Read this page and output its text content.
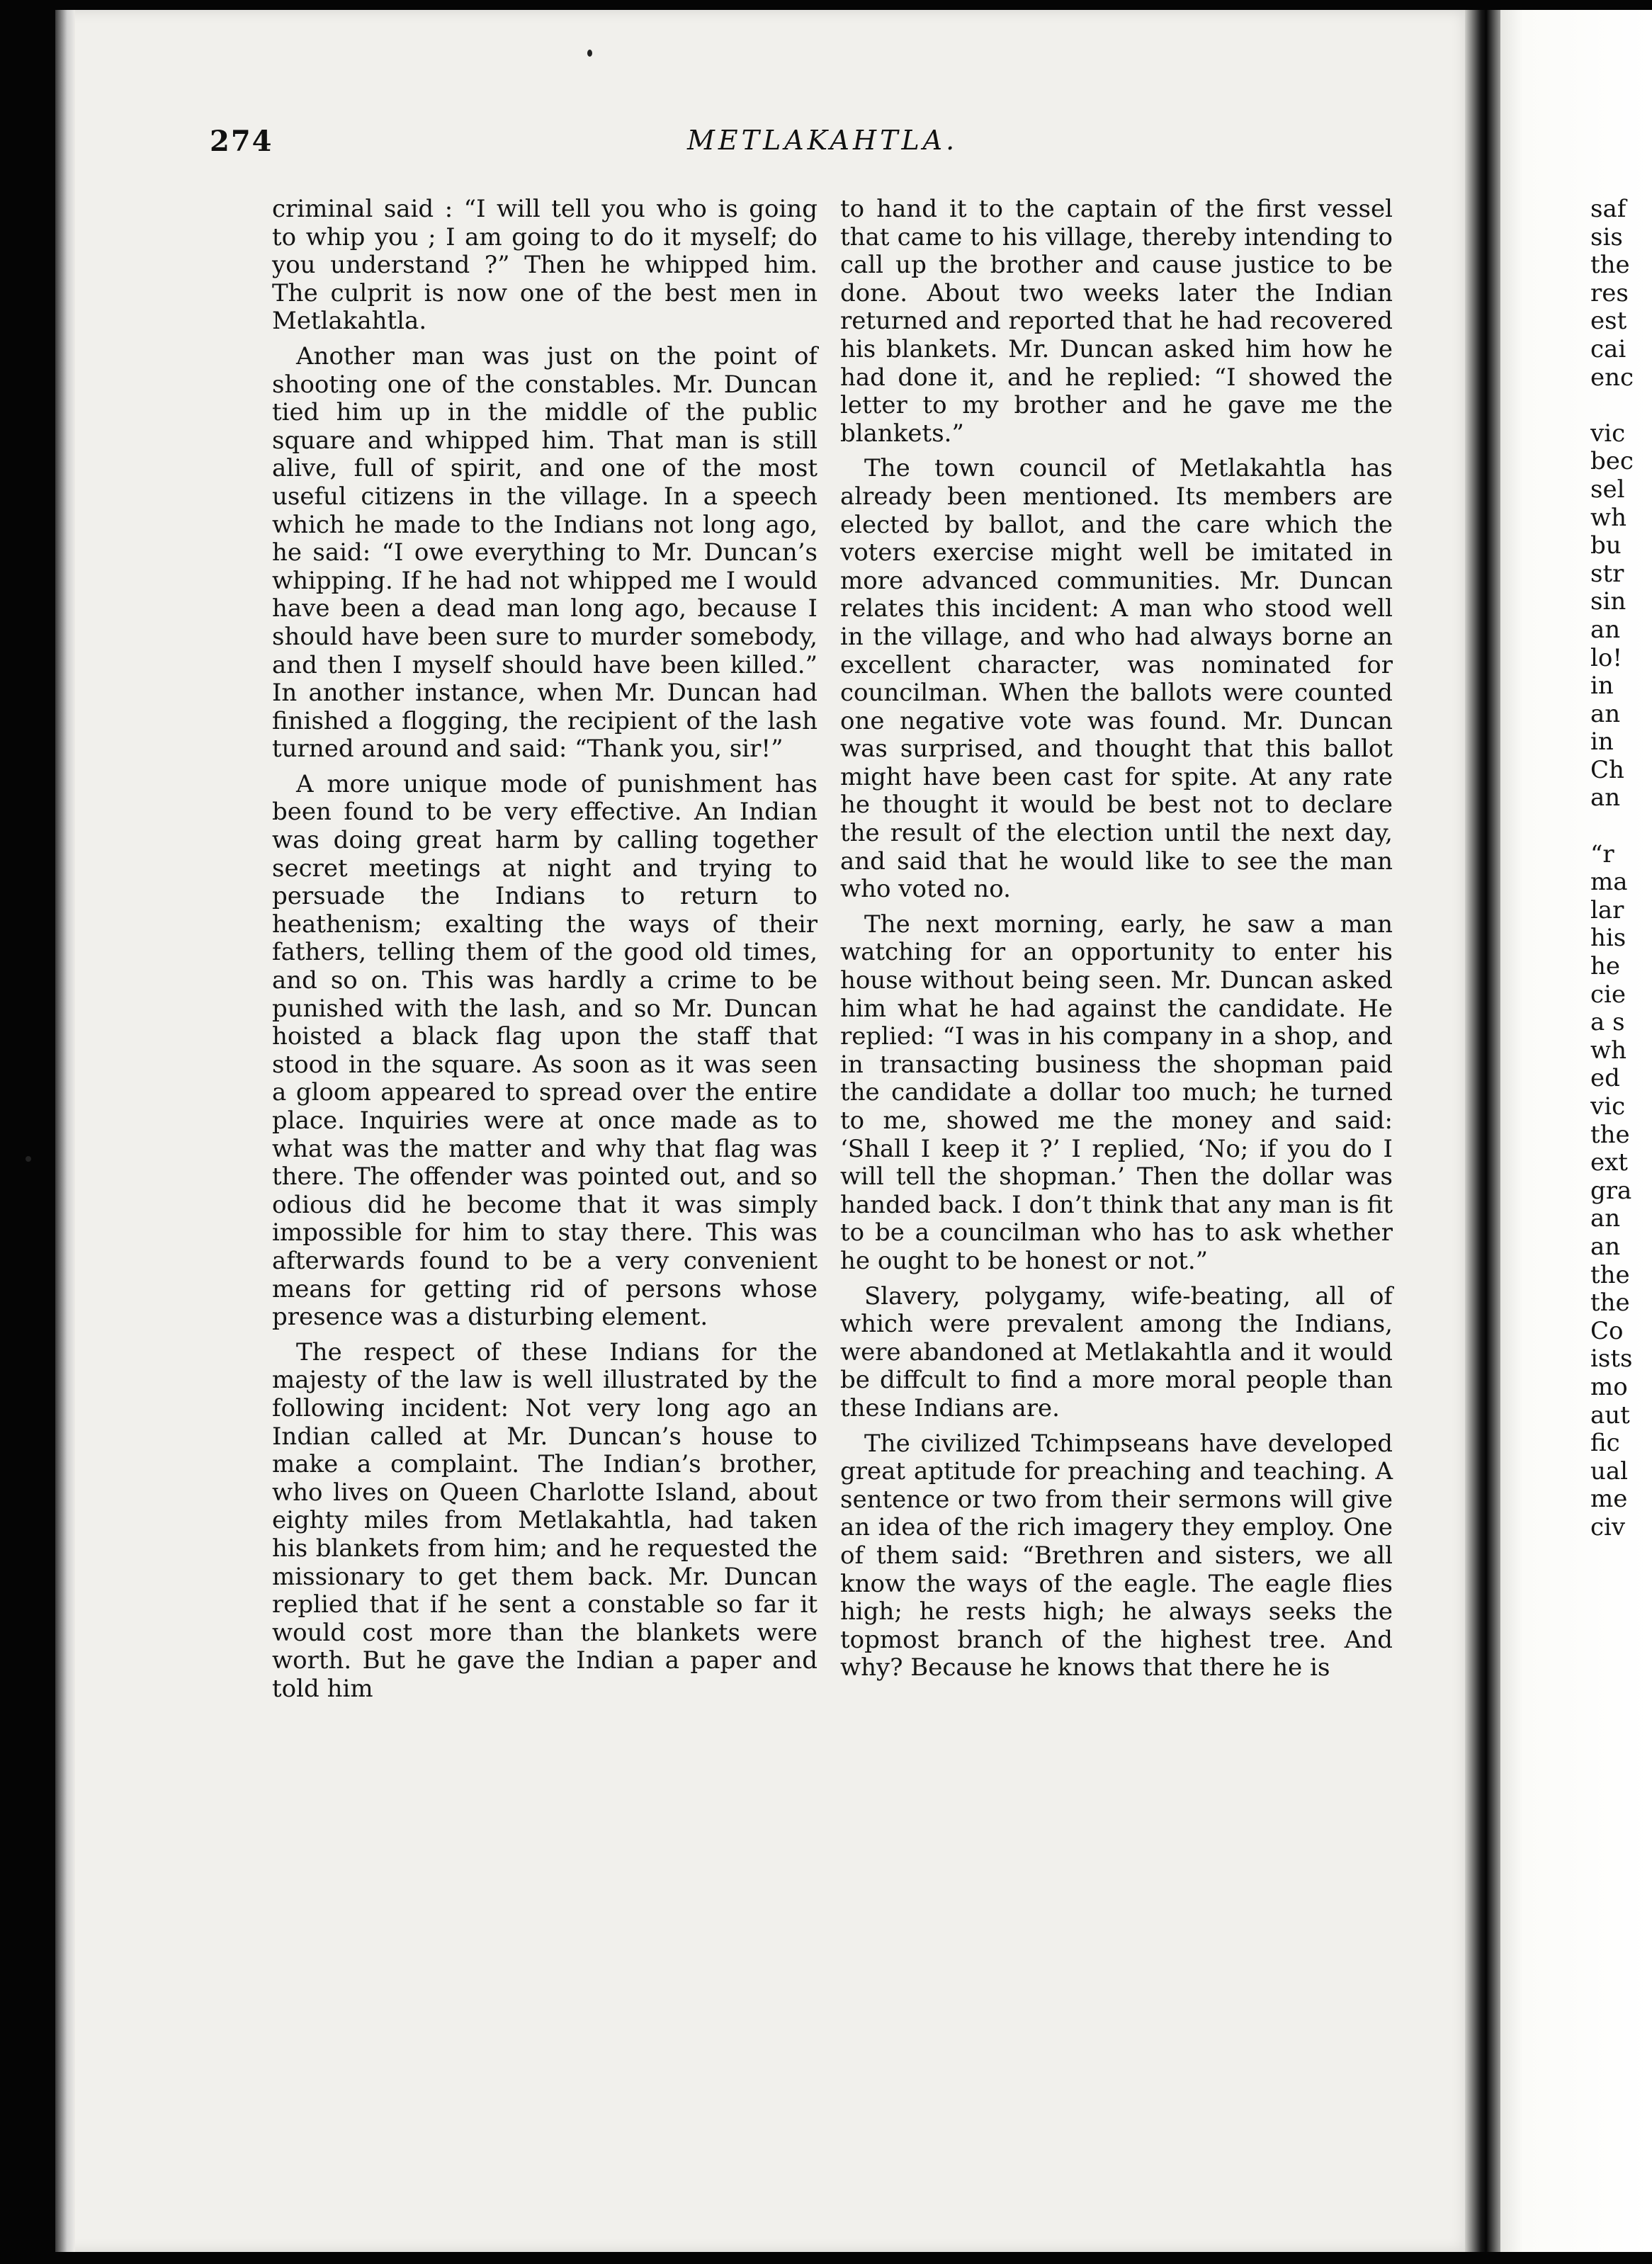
274	METLAKAHTLA.

criminal said : “I will tell you who is going to whip you ; I am going to do it myself; do you understand ?” Then he whipped him. The culprit is now one of the best men in Metlakahtla.

Another man was just on the point of shooting one of the constables. Mr. Duncan tied him up in the middle of the public square and whipped him. That man is still alive, full of spirit, and one of the most useful citizens in the village. In a speech which he made to the Indians not long ago, he said: “I owe everything to Mr. Duncan’s whipping. If he had not whipped me I would have been a dead man long ago, because I should have been sure to murder somebody, and then I myself should have been killed.” In another instance, when Mr. Duncan had finished a flogging, the recipient of the lash turned around and said: “Thank you, sir!”

A more unique mode of punishment has been found to be very effective. An Indian was doing great harm by calling together secret meetings at night and trying to persuade the Indians to return to heathenism; exalting the ways of their fathers, telling them of the good old times, and so on. This was hardly a crime to be punished with the lash, and so Mr. Duncan hoisted a black flag upon the staff that stood in the square. As soon as it was seen a gloom appeared to spread over the entire place. Inquiries were at once made as to what was the matter and why that flag was there. The offender was pointed out, and so odious did he become that it was simply impossible for him to stay there. This was afterwards found to be a very convenient means for getting rid of persons whose presence was a disturbing element.

The respect of these Indians for the majesty of the law is well illustrated by the following incident: Not very long ago an Indian called at Mr. Duncan’s house to make a complaint. The Indian’s brother, who lives on Queen Charlotte Island, about eighty miles from Metlakahtla, had taken his blankets from him; and he requested the missionary to get them back. Mr. Duncan replied that if he sent a constable so far it would cost more than the blankets were worth. But he gave the Indian a paper and told him

to hand it to the captain of the first vessel that came to his village, thereby intending to call up the brother and cause justice to be done. About two weeks later the Indian returned and reported that he had recovered his blankets. Mr. Duncan asked him how he had done it, and he replied: “I showed the letter to my brother and he gave me the blankets.”

The town council of Metlakahtla has already been mentioned. Its members are elected by ballot, and the care which the voters exercise might well be imitated in more advanced communities. Mr. Duncan relates this incident: A man who stood well in the village, and who had always borne an excellent character, was nominated for councilman. When the ballots were counted one negative vote was found. Mr. Duncan was surprised, and thought that this ballot might have been cast for spite. At any rate he thought it would be best not to declare the result of the election until the next day, and said that he would like to see the man who voted no.

The next morning, early, he saw a man watching for an opportunity to enter his house without being seen. Mr. Duncan asked him what he had against the candidate. He replied: “I was in his company in a shop, and in transacting business the shopman paid the candidate a dollar too much; he turned to me, showed me the money and said: ‘Shall I keep it ?’ I replied, ‘No; if you do I will tell the shopman.’ Then the dollar was handed back. I don’t think that any man is fit to be a councilman who has to ask whether he ought to be honest or not.”

Slavery, polygamy, wife-beating, all of which were prevalent among the Indians, were abandoned at Metlakahtla and it would be diffcult to find a more moral people than these Indians are.

The civilized Tchimpseans have developed great aptitude for preaching and teaching. A sentence or two from their sermons will give an idea of the rich imagery they employ. One of them said: “Brethren and sisters, we all know the ways of the eagle. The eagle flies high; he rests high; he always seeks the topmost branch of the highest tree. And why? Because he knows that there he is

saf
sis
the
res
est
cai
enc
vic
bec
sel
wh
bu
str
sin
an
lo!
in
an
in
Ch
an
“r
ma
lar
his
he
cie
a s
wh
ed
vic
the
ext
gra
an
an
the
the
Co
ists
mo
aut
fic
ual
me
civ
